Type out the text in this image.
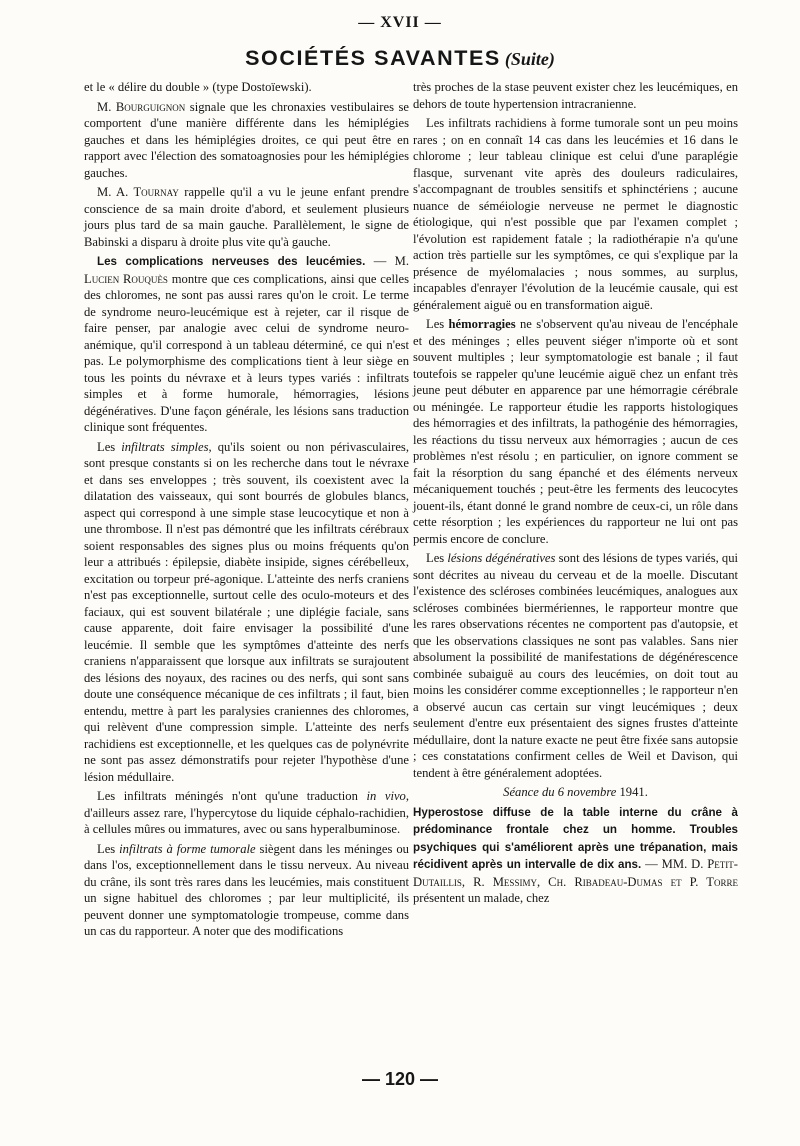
— XVII —
SOCIÉTÉS SAVANTES (Suite)

et le « délire du double » (type Dostoïewski).

M. Bourguignon signale que les chronaxies vestibulaires se comportent d'une manière différente dans les hémiplégies gauches et dans les hémiplégies droites, ce qui peut être en rapport avec l'élection des somatoagnosies pour les hémiplégies gauches.

M. A. Tournay rappelle qu'il a vu le jeune enfant prendre conscience de sa main droite d'abord, et seulement plusieurs jours plus tard de sa main gauche. Parallèlement, le signe de Babinski a disparu à droite plus vite qu'à gauche.

Les complications nerveuses des leucémies. — M. Lucien Rouquès montre que ces complications, ainsi que celles des chloromes, ne sont pas aussi rares qu'on le croit. Le terme de syndrome neuro-leucémique est à rejeter, car il risque de faire penser, par analogie avec celui de syndrome neuro-anémique, qu'il correspond à un tableau déterminé, ce qui n'est pas. Le polymorphisme des complications tient à leur siège en tous les points du névraxe et à leurs types variés : infiltrats simples et à forme humorale, hémorragies, lésions dégénératives. D'une façon générale, les lésions sans traduction clinique sont fréquentes.

Les infiltrats simples, qu'ils soient ou non périvasculaires, sont presque constants si on les recherche dans tout le névraxe et dans ses enveloppes ; très souvent, ils coexistent avec la dilatation des vaisseaux, qui sont bourrés de globules blancs, aspect qui correspond à une simple stase leucocytique et non à une thrombose. Il n'est pas démontré que les infiltrats cérébraux soient responsables des signes plus ou moins fréquents qu'on leur a attribués : épilepsie, diabète insipide, signes cérébelleux, excitation ou torpeur pré-agonique. L'atteinte des nerfs craniens n'est pas exceptionnelle, surtout celle des oculo-moteurs et des faciaux, qui est souvent bilatérale ; une diplégie faciale, sans cause apparente, doit faire envisager la possibilité d'une leucémie. Il semble que les symptômes d'atteinte des nerfs craniens n'apparaissent que lorsque aux infiltrats se surajoutent des lésions des noyaux, des racines ou des nerfs, qui sont sans doute une conséquence mécanique de ces infiltrats ; il faut, bien entendu, mettre à part les paralysies craniennes des chloromes, qui relèvent d'une compression simple. L'atteinte des nerfs rachidiens est exceptionnelle, et les quelques cas de polynévrite ne sont pas assez démonstratifs pour rejeter l'hypothèse d'une lésion médullaire.

Les infiltrats méningés n'ont qu'une traduction in vivo, d'ailleurs assez rare, l'hypercytose du liquide céphalo-rachidien, à cellules mûres ou immatures, avec ou sans hyperalbuminose.

Les infiltrats à forme tumorale siègent dans les méninges ou dans l'os, exceptionnellement dans le tissu nerveux. Au niveau du crâne, ils sont très rares dans les leucémies, mais constituent un signe habituel des chloromes ; par leur multiplicité, ils peuvent donner une symptomatologie trompeuse, comme dans un cas du rapporteur. A noter que des modifications

très proches de la stase peuvent exister chez les leucémiques, en dehors de toute hypertension intracranienne.

Les infiltrats rachidiens à forme tumorale sont un peu moins rares ; on en connaît 14 cas dans les leucémies et 16 dans le chlorome ; leur tableau clinique est celui d'une paraplégie flasque, survenant vite après des douleurs radiculaires, s'accompagnant de troubles sensitifs et sphinctériens ; aucune nuance de séméiologie nerveuse ne permet le diagnostic étiologique, qui n'est possible que par l'examen complet ; l'évolution est rapidement fatale ; la radiothérapie n'a qu'une action très partielle sur les symptômes, ce qui s'explique par la présence de myélomalacies ; nous sommes, au surplus, incapables d'enrayer l'évolution de la leucémie causale, qui est généralement aiguë ou en transformation aiguë.

Les hémorragies ne s'observent qu'au niveau de l'encéphale et des méninges ; elles peuvent siéger n'importe où et sont souvent multiples ; leur symptomatologie est banale ; il faut toutefois se rappeler qu'une leucémie aiguë chez un enfant très jeune peut débuter en apparence par une hémorragie cérébrale ou méningée. Le rapporteur étudie les rapports histologiques des hémorragies et des infiltrats, la pathogénie des hémorragies, les réactions du tissu nerveux aux hémorragies ; aucun de ces problèmes n'est résolu ; en particulier, on ignore comment se fait la résorption du sang épanché et des éléments nerveux mécaniquement touchés ; peut-être les ferments des leucocytes jouent-ils, étant donné le grand nombre de ceux-ci, un rôle dans cette résorption ; les expériences du rapporteur ne lui ont pas permis encore de conclure.

Les lésions dégénératives sont des lésions de types variés, qui sont décrites au niveau du cerveau et de la moelle. Discutant l'existence des scléroses combinées leucémiques, analogues aux scléroses combinées biermériennes, le rapporteur montre que les rares observations récentes ne comportent pas d'autopsie, et que les observations classiques ne sont pas valables. Sans nier absolument la possibilité de manifestations de dégénérescence combinée subaiguë au cours des leucémies, on doit tout au moins les considérer comme exceptionnelles ; le rapporteur n'en a observé aucun cas certain sur vingt leucémiques ; deux seulement d'entre eux présentaient des signes frustes d'atteinte médullaire, dont la nature exacte ne peut être fixée sans autopsie ; ces constatations confirment celles de Weil et Davison, qui tendent à être généralement adoptées.

Séance du 6 novembre 1941.

Hyperostose diffuse de la table interne du crâne à prédominance frontale chez un homme. Troubles psychiques qui s'améliorent après une trépanation, mais récidivent après un intervalle de dix ans. — MM. D. Petit-Dutaillis, R. Messimy, Ch. Ribadeau-Dumas et P. Torre présentent un malade, chez

— 120 —
